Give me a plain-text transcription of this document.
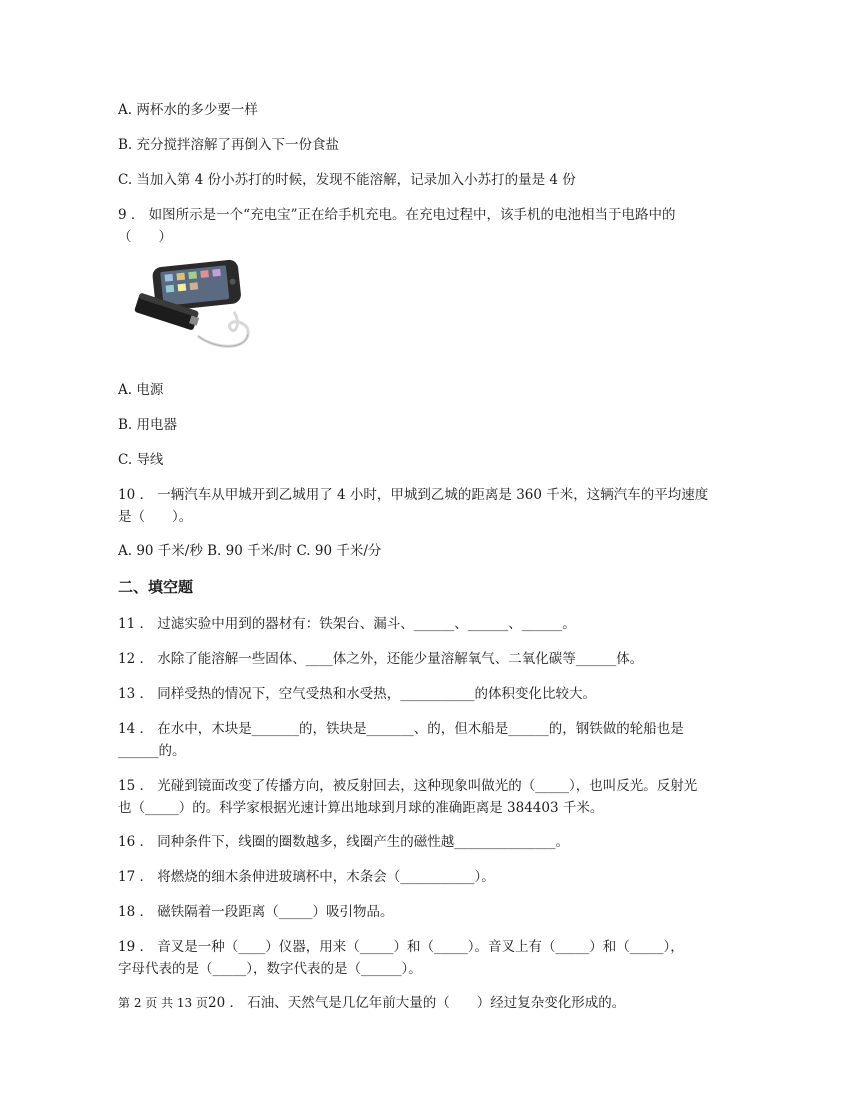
A. 两杯水的多少要一样
B. 充分搅拌溶解了再倒入下一份食盐
C. 当加入第 4 份小苏打的时候，发现不能溶解，记录加入小苏打的量是 4 份
9 ． 如图所示是一个“充电宝”正在给手机充电。在充电过程中，该手机的电池相当于电路中的
（　　）
A. 电源
B. 用电器
C. 导线
10 ． 一辆汽车从甲城开到乙城用了 4 小时，甲城到乙城的距离是 360 千米，这辆汽车的平均速度
是（　　）。
A. 90 千米/秒 B. 90 千米/时 C. 90 千米/分
二、填空题
11 ． 过滤实验中用到的器材有：铁架台、漏斗、______、______、______。
12 ． 水除了能溶解一些固体、____体之外，还能少量溶解氧气、二氧化碳等______体。
13 ． 同样受热的情况下，空气受热和水受热，___________的体积变化比较大。
14 ． 在水中，木块是_______的，铁块是_______、的，但木船是______的，钢铁做的轮船也是
______的。
15 ． 光碰到镜面改变了传播方向，被反射回去，这种现象叫做光的（_____），也叫反光。反射光
也（_____）的。科学家根据光速计算出地球到月球的准确距离是 384403 千米。
16 ． 同种条件下，线圈的圈数越多，线圈产生的磁性越_______________。
17 ． 将燃烧的细木条伸进玻璃杯中，木条会（___________）。
18 ． 磁铁隔着一段距离（_____）吸引物品。
19 ． 音叉是一种（____）仪器，用来（_____）和（_____）。音叉上有（_____）和（_____），
字母代表的是（_____），数字代表的是（______）。
第 2 页 共 13 页20 ． 石油、天然气是几亿年前大量的（　　）经过复杂变化形成的。
